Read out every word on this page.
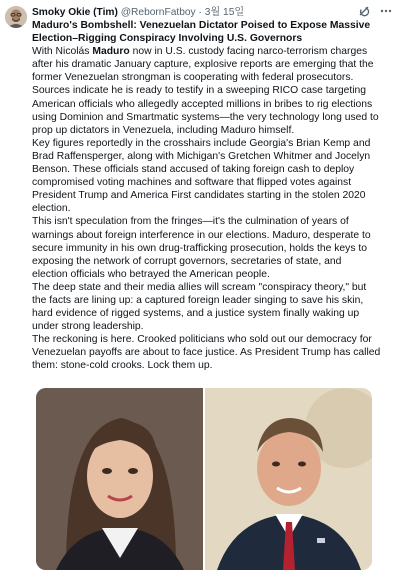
Smoky Okie (Tim) @RebornFatboy · 3월 15일
Maduro's Bombshell: Venezuelan Dictator Poised to Expose Massive
Election–Rigging Conspiracy Involving U.S. Governors
With Nicolás Maduro now in U.S. custody facing narco-terrorism charges
after his dramatic January capture, explosive reports are emerging that the
former Venezuelan strongman is cooperating with federal prosecutors.
Sources indicate he is ready to testify in a sweeping RICO case targeting
American officials who allegedly accepted millions in bribes to rig elections
using Dominion and Smartmatic systems—the very technology long used to
prop up dictators in Venezuela, including Maduro himself.
Key figures reportedly in the crosshairs include Georgia's Brian Kemp and
Brad Raffensperger, along with Michigan's Gretchen Whitmer and Jocelyn
Benson. These officials stand accused of taking foreign cash to deploy
compromised voting machines and software that flipped votes against
President Trump and America First candidates starting in the stolen 2020
election.
This isn't speculation from the fringes—it's the culmination of years of
warnings about foreign interference in our elections. Maduro, desperate to
secure immunity in his own drug-trafficking prosecution, holds the keys to
exposing the network of corrupt governors, secretaries of state, and
election officials who betrayed the American people.
The deep state and their media allies will scream "conspiracy theory," but
the facts are lining up: a captured foreign leader singing to save his skin,
hard evidence of rigged systems, and a justice system finally waking up
under strong leadership.
The reckoning is here. Crooked politicians who sold out our democracy for
Venezuelan payoffs are about to face justice. As President Trump has called
them: stone-cold crooks. Lock them up.
